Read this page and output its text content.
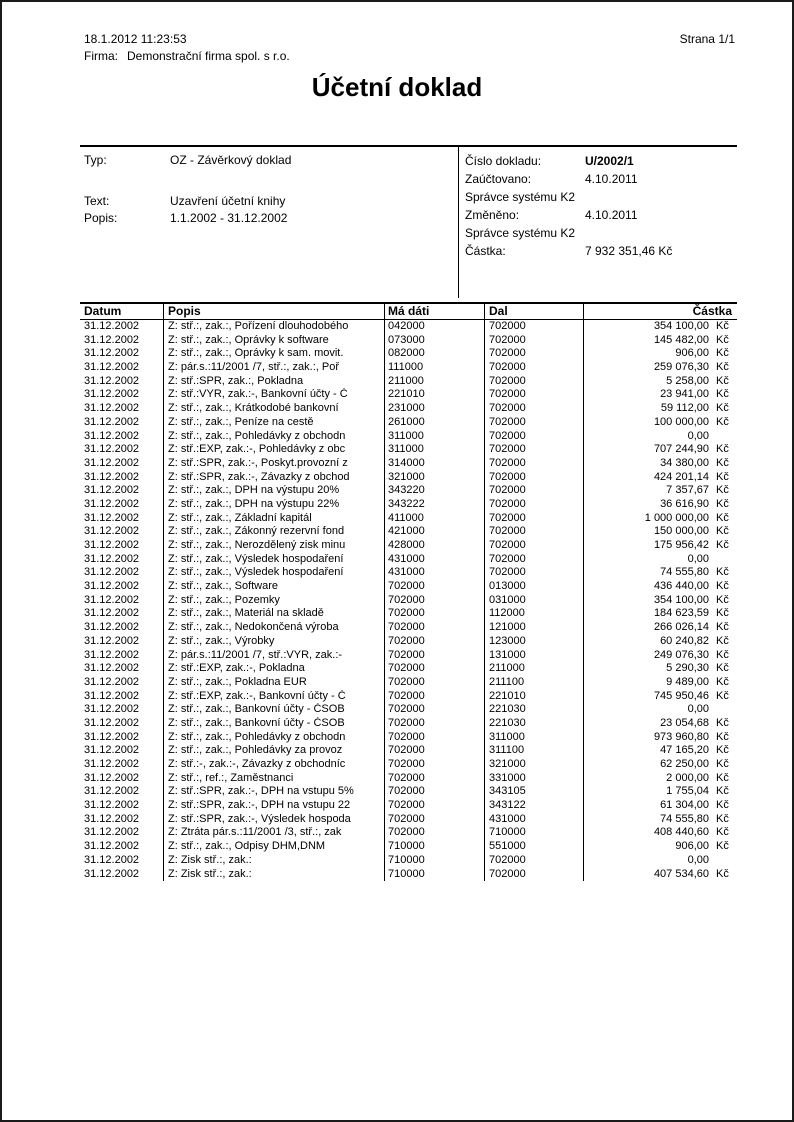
18.1.2012 11:23:53	Strana 1/1
Firma: Demonstrační firma spol. s r.o.
Účetní doklad
Typ:	OZ - Závěrkový doklad
Text:	Uzavření účetní knihy
Popis:	1.1.2002 - 31.12.2002
Číslo dokladu:	U/2002/1
Zaúčtovano:	4.10.2011
Správce systému K2
Změněno:	4.10.2011
Správce systému K2
Částka:	7 932 351,46 Kč
Datum	Popis	Má dáti	Dal	Částka
31.12.2002	Z: stř.:, zak.:, Pořízení dlouhodobého	042000	702000	354 100,00 Kč
31.12.2002	Z: stř.:, zak.:, Oprávky k software	073000	702000	145 482,00 Kč
31.12.2002	Z: stř.:, zak.:, Oprávky k sam. movit.	082000	702000	906,00 Kč
31.12.2002	Z: pár.s.:11/2001 /7, stř.:, zak.:, Poř	111000	702000	259 076,30 Kč
31.12.2002	Z: stř.:SPR, zak.:, Pokladna	211000	702000	5 258,00 Kč
31.12.2002	Z: stř.:VYR, zak.:-, Bankovní účty - Č	221010	702000	23 941,00 Kč
31.12.2002	Z: stř.:, zak.:, Krátkodobé bankovní	231000	702000	59 112,00 Kč
31.12.2002	Z: stř.:, zak.:, Peníze na cestě	261000	702000	100 000,00 Kč
31.12.2002	Z: stř.:, zak.:, Pohledávky z obchodn	311000	702000	0,00
31.12.2002	Z: stř.:EXP, zak.:-, Pohledávky z obc	311000	702000	707 244,90 Kč
31.12.2002	Z: stř.:SPR, zak.:-, Poskyt.provozní z	314000	702000	34 380,00 Kč
31.12.2002	Z: stř.:SPR, zak.:-, Závazky z obchod	321000	702000	424 201,14 Kč
31.12.2002	Z: stř.:, zak.:, DPH na výstupu 20%	343220	702000	7 357,67 Kč
31.12.2002	Z: stř.:, zak.:, DPH na výstupu 22%	343222	702000	36 616,90 Kč
31.12.2002	Z: stř.:, zak.:, Základní kapitál	411000	702000	1 000 000,00 Kč
31.12.2002	Z: stř.:, zak.:, Zákonný rezervní fond	421000	702000	150 000,00 Kč
31.12.2002	Z: stř.:, zak.:, Nerozdělený zisk minu	428000	702000	175 956,42 Kč
31.12.2002	Z: stř.:, zak.:, Výsledek hospodaření	431000	702000	0,00
31.12.2002	Z: stř.:, zak.:, Výsledek hospodaření	431000	702000	74 555,80 Kč
31.12.2002	Z: stř.:, zak.:, Software	702000	013000	436 440,00 Kč
31.12.2002	Z: stř.:, zak.:, Pozemky	702000	031000	354 100,00 Kč
31.12.2002	Z: stř.:, zak.:, Materiál na skladě	702000	112000	184 623,59 Kč
31.12.2002	Z: stř.:, zak.:, Nedokončená výroba	702000	121000	266 026,14 Kč
31.12.2002	Z: stř.:, zak.:, Výrobky	702000	123000	60 240,82 Kč
31.12.2002	Z: pár.s.:11/2001 /7, stř.:VYR, zak.:-	702000	131000	249 076,30 Kč
31.12.2002	Z: stř.:EXP, zak.:-, Pokladna	702000	211000	5 290,30 Kč
31.12.2002	Z: stř.:, zak.:, Pokladna EUR	702000	211100	9 489,00 Kč
31.12.2002	Z: stř.:EXP, zak.:-, Bankovní účty - Č	702000	221010	745 950,46 Kč
31.12.2002	Z: stř.:, zak.:, Bankovní účty - ČSOB	702000	221030	0,00
31.12.2002	Z: stř.:, zak.:, Bankovní účty - ČSOB	702000	221030	23 054,68 Kč
31.12.2002	Z: stř.:, zak.:, Pohledávky z obchodn	702000	311000	973 960,80 Kč
31.12.2002	Z: stř.:, zak.:, Pohledávky za provoz	702000	311100	47 165,20 Kč
31.12.2002	Z: stř.:-, zak.:-, Závazky z obchodníc	702000	321000	62 250,00 Kč
31.12.2002	Z: stř.:, ref.:, Zaměstnanci	702000	331000	2 000,00 Kč
31.12.2002	Z: stř.:SPR, zak.:-, DPH na vstupu 5%	702000	343105	1 755,04 Kč
31.12.2002	Z: stř.:SPR, zak.:-, DPH na vstupu 22	702000	343122	61 304,00 Kč
31.12.2002	Z: stř.:SPR, zak.:-, Výsledek hospoda	702000	431000	74 555,80 Kč
31.12.2002	Z: Ztráta pár.s.:11/2001 /3, stř.:, zak	702000	710000	408 440,60 Kč
31.12.2002	Z: stř.:, zak.:, Odpisy DHM,DNM	710000	551000	906,00 Kč
31.12.2002	Z: Zisk stř.:, zak.:	710000	702000	0,00
31.12.2002	Z: Zisk stř.:, zak.:	710000	702000	407 534,60 Kč
